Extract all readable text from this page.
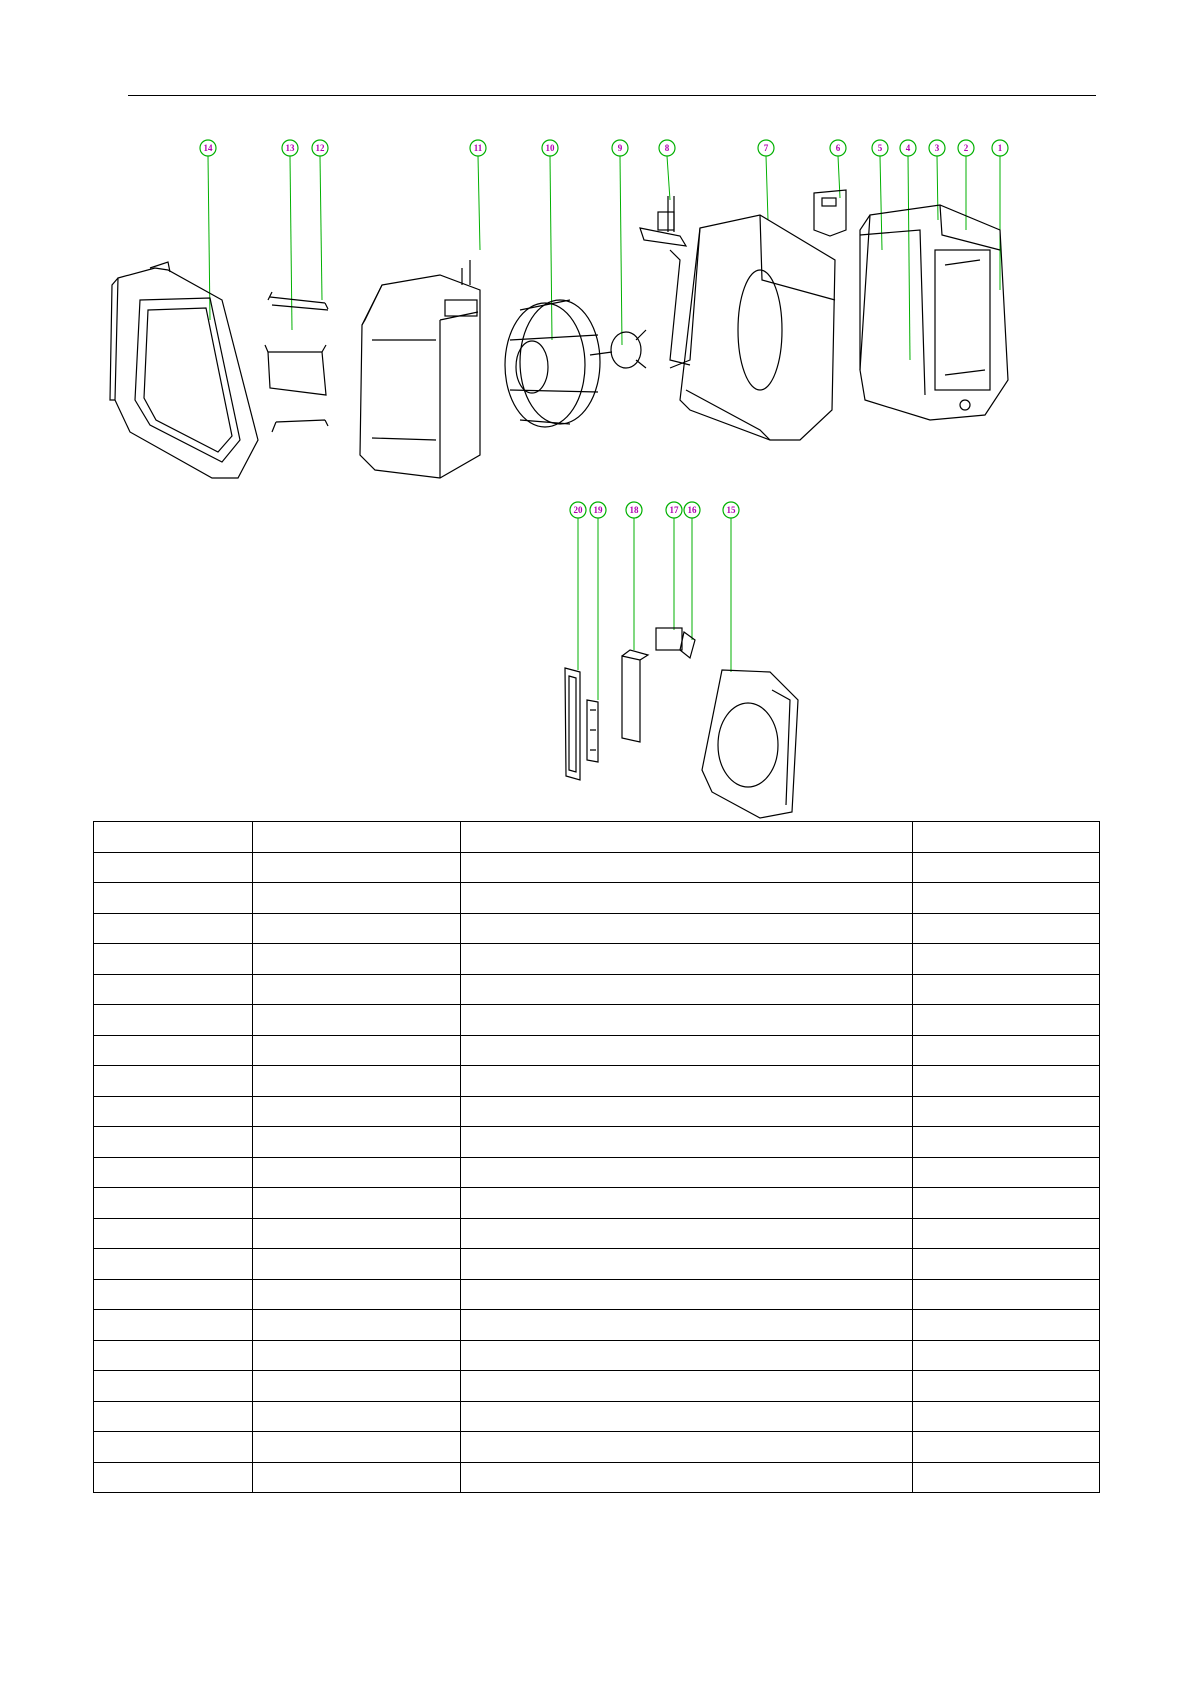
14	13 12	11	10	9	8	7	6	5	4	3	2	1
20 19	18	17 16	15
